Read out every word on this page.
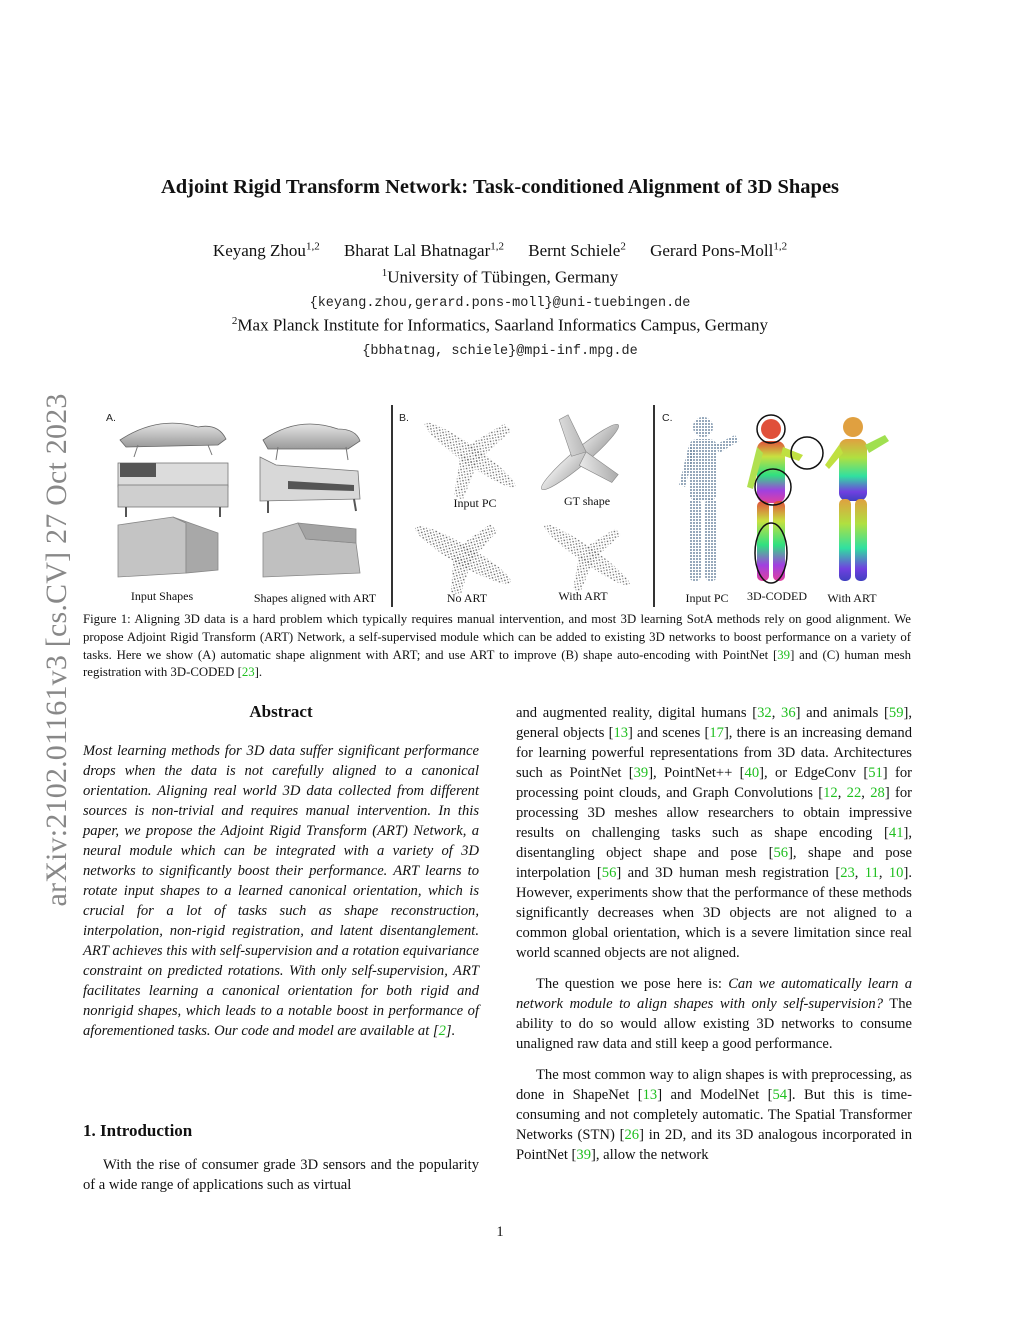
arXiv:2102.01161v3 [cs.CV] 27 Oct 2023
Adjoint Rigid Transform Network: Task-conditioned Alignment of 3D Shapes
Keyang Zhou$^{1,2}$ Bharat Lal Bhatnagar$^{1,2}$ Bernt Schiele$^2$ Gerard Pons-Moll$^{1,2}$
$^1$University of Tübingen, Germany
{keyang.zhou,gerard.pons-moll}@uni-tuebingen.de
$^2$Max Planck Institute for Informatics, Saarland Informatics Campus, Germany
{bbhatnag, schiele}@mpi-inf.mpg.de
A.
Input Shapes	Shapes aligned with ART
B.
Input PC	GT shape
No ART	With ART
C.
Input PC	3D-CODED	With ART
Figure 1: Aligning 3D data is a hard problem which typically requires manual intervention, and most 3D learning SotA methods rely on good alignment. We propose Adjoint Rigid Transform (ART) Network, a self-supervised module which can be added to existing 3D networks to boost performance on a variety of tasks. Here we show (A) automatic shape alignment with ART; and use ART to improve (B) shape auto-encoding with PointNet [39] and (C) human mesh registration with 3D-CODED [23].
Abstract
Most learning methods for 3D data suffer significant performance drops when the data is not carefully aligned to a canonical orientation. Aligning real world 3D data collected from different sources is non-trivial and requires manual intervention. In this paper, we propose the Adjoint Rigid Transform (ART) Network, a neural module which can be integrated with a variety of 3D networks to significantly boost their performance. ART learns to rotate input shapes to a learned canonical orientation, which is crucial for a lot of tasks such as shape reconstruction, interpolation, non-rigid registration, and latent disentanglement. ART achieves this with self-supervision and a rotation equivariance constraint on predicted rotations. With only self-supervision, ART facilitates learning a canonical orientation for both rigid and nonrigid shapes, which leads to a notable boost in performance of aforementioned tasks. Our code and model are available at [2].
1. Introduction
With the rise of consumer grade 3D sensors and the popularity of a wide range of applications such as virtual

and augmented reality, digital humans [32, 36] and animals [59], general objects [13] and scenes [17], there is an increasing demand for learning powerful representations from 3D data. Architectures such as PointNet [39], PointNet++ [40], or EdgeConv [51] for processing point clouds, and Graph Convolutions [12, 22, 28] for processing 3D meshes allow researchers to obtain impressive results on challenging tasks such as shape encoding [41], disentangling object shape and pose [56], shape and pose interpolation [56] and 3D human mesh registration [23, 11, 10]. However, experiments show that the performance of these methods significantly decreases when 3D objects are not aligned to a common global orientation, which is a severe limitation since real world scanned objects are not aligned.

The question we pose here is: Can we automatically learn a network module to align shapes with only self-supervision? The ability to do so would allow existing 3D networks to consume unaligned raw data and still keep a good performance.

The most common way to align shapes is with preprocessing, as done in ShapeNet [13] and ModelNet [54]. But this is time-consuming and not completely automatic. The Spatial Transformer Networks (STN) [26] in 2D, and its 3D analogous incorporated in PointNet [39], allow the network

1
